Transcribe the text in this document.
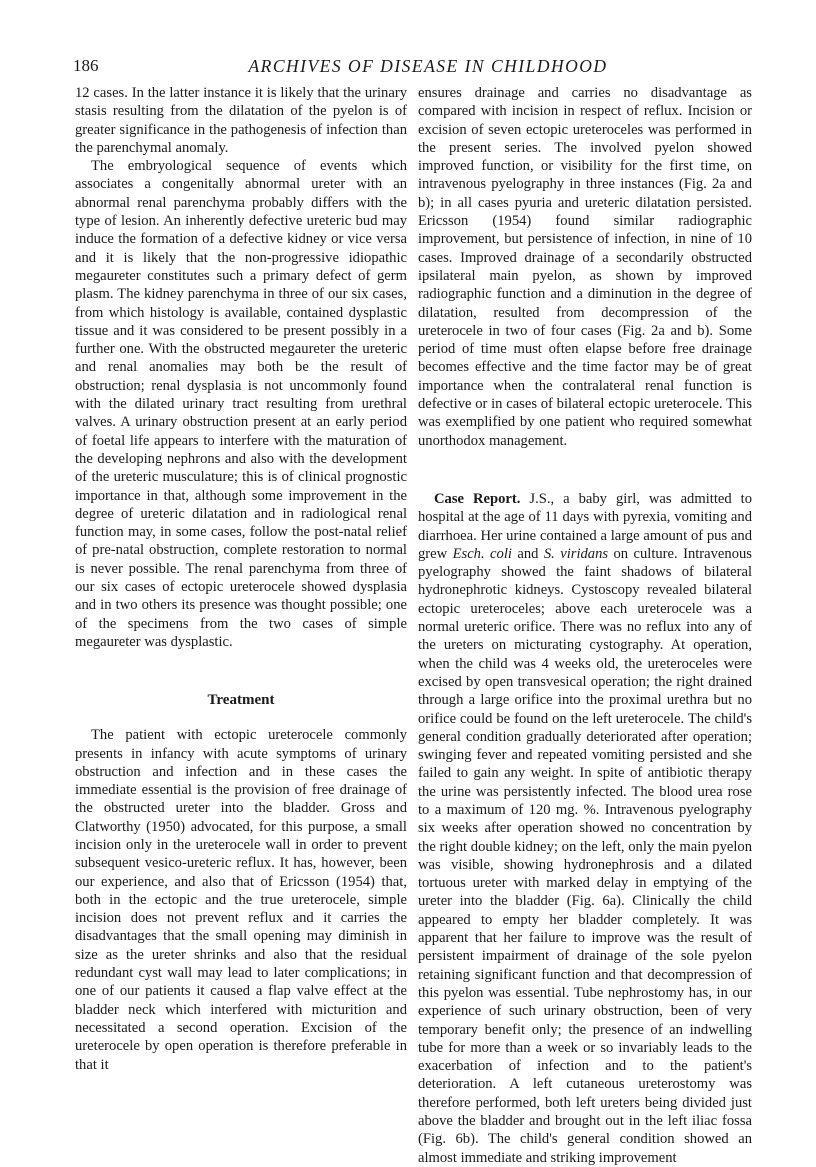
186	ARCHIVES OF DISEASE IN CHILDHOOD

12 cases. In the latter instance it is likely that the urinary stasis resulting from the dilatation of the pyelon is of greater significance in the pathogenesis of infection than the parenchymal anomaly.

The embryological sequence of events which associates a congenitally abnormal ureter with an abnormal renal parenchyma probably differs with the type of lesion. An inherently defective ureteric bud may induce the formation of a defective kidney or vice versa and it is likely that the non-progressive idiopathic megaureter constitutes such a primary defect of germ plasm. The kidney parenchyma in three of our six cases, from which histology is available, contained dysplastic tissue and it was considered to be present possibly in a further one. With the obstructed megaureter the ureteric and renal anomalies may both be the result of obstruction; renal dysplasia is not uncommonly found with the dilated urinary tract resulting from urethral valves. A urinary obstruction present at an early period of foetal life appears to interfere with the maturation of the developing nephrons and also with the development of the ureteric musculature; this is of clinical prognostic importance in that, although some improvement in the degree of ureteric dilatation and in radiological renal function may, in some cases, follow the post-natal relief of pre-natal obstruction, complete restoration to normal is never possible. The renal parenchyma from three of our six cases of ectopic ureterocele showed dysplasia and in two others its presence was thought possible; one of the specimens from the two cases of simple megaureter was dysplastic.

Treatment

The patient with ectopic ureterocele commonly presents in infancy with acute symptoms of urinary obstruction and infection and in these cases the immediate essential is the provision of free drainage of the obstructed ureter into the bladder. Gross and Clatworthy (1950) advocated, for this purpose, a small incision only in the ureterocele wall in order to prevent subsequent vesico-ureteric reflux. It has, however, been our experience, and also that of Ericsson (1954) that, both in the ectopic and the true ureterocele, simple incision does not prevent reflux and it carries the disadvantages that the small opening may diminish in size as the ureter shrinks and also that the residual redundant cyst wall may lead to later complications; in one of our patients it caused a flap valve effect at the bladder neck which interfered with micturition and necessitated a second operation. Excision of the ureterocele by open operation is therefore preferable in that it

ensures drainage and carries no disadvantage as compared with incision in respect of reflux. Incision or excision of seven ectopic ureteroceles was performed in the present series. The involved pyelon showed improved function, or visibility for the first time, on intravenous pyelography in three instances (Fig. 2a and b); in all cases pyuria and ureteric dilatation persisted. Ericsson (1954) found similar radiographic improvement, but persistence of infection, in nine of 10 cases. Improved drainage of a secondarily obstructed ipsilateral main pyelon, as shown by improved radiographic function and a diminution in the degree of dilatation, resulted from decompression of the ureterocele in two of four cases (Fig. 2a and b). Some period of time must often elapse before free drainage becomes effective and the time factor may be of great importance when the contralateral renal function is defective or in cases of bilateral ectopic ureterocele. This was exemplified by one patient who required somewhat unorthodox management.

Case Report. J.S., a baby girl, was admitted to hospital at the age of 11 days with pyrexia, vomiting and diarrhoea. Her urine contained a large amount of pus and grew Esch. coli and S. viridans on culture. Intravenous pyelography showed the faint shadows of bilateral hydronephrotic kidneys. Cystoscopy revealed bilateral ectopic ureteroceles; above each ureterocele was a normal ureteric orifice. There was no reflux into any of the ureters on micturating cystography. At operation, when the child was 4 weeks old, the ureteroceles were excised by open transvesical operation; the right drained through a large orifice into the proximal urethra but no orifice could be found on the left ureterocele. The child's general condition gradually deteriorated after operation; swinging fever and repeated vomiting persisted and she failed to gain any weight. In spite of antibiotic therapy the urine was persistently infected. The blood urea rose to a maximum of 120 mg. %. Intravenous pyelography six weeks after operation showed no concentration by the right double kidney; on the left, only the main pyelon was visible, showing hydronephrosis and a dilated tortuous ureter with marked delay in emptying of the ureter into the bladder (Fig. 6a). Clinically the child appeared to empty her bladder completely. It was apparent that her failure to improve was the result of persistent impairment of drainage of the sole pyelon retaining significant function and that decompression of this pyelon was essential. Tube nephrostomy has, in our experience of such urinary obstruction, been of very temporary benefit only; the presence of an indwelling tube for more than a week or so invariably leads to the exacerbation of infection and to the patient's deterioration. A left cutaneous ureterostomy was therefore performed, both left ureters being divided just above the bladder and brought out in the left iliac fossa (Fig. 6b). The child's general condition showed an almost immediate and striking improvement
